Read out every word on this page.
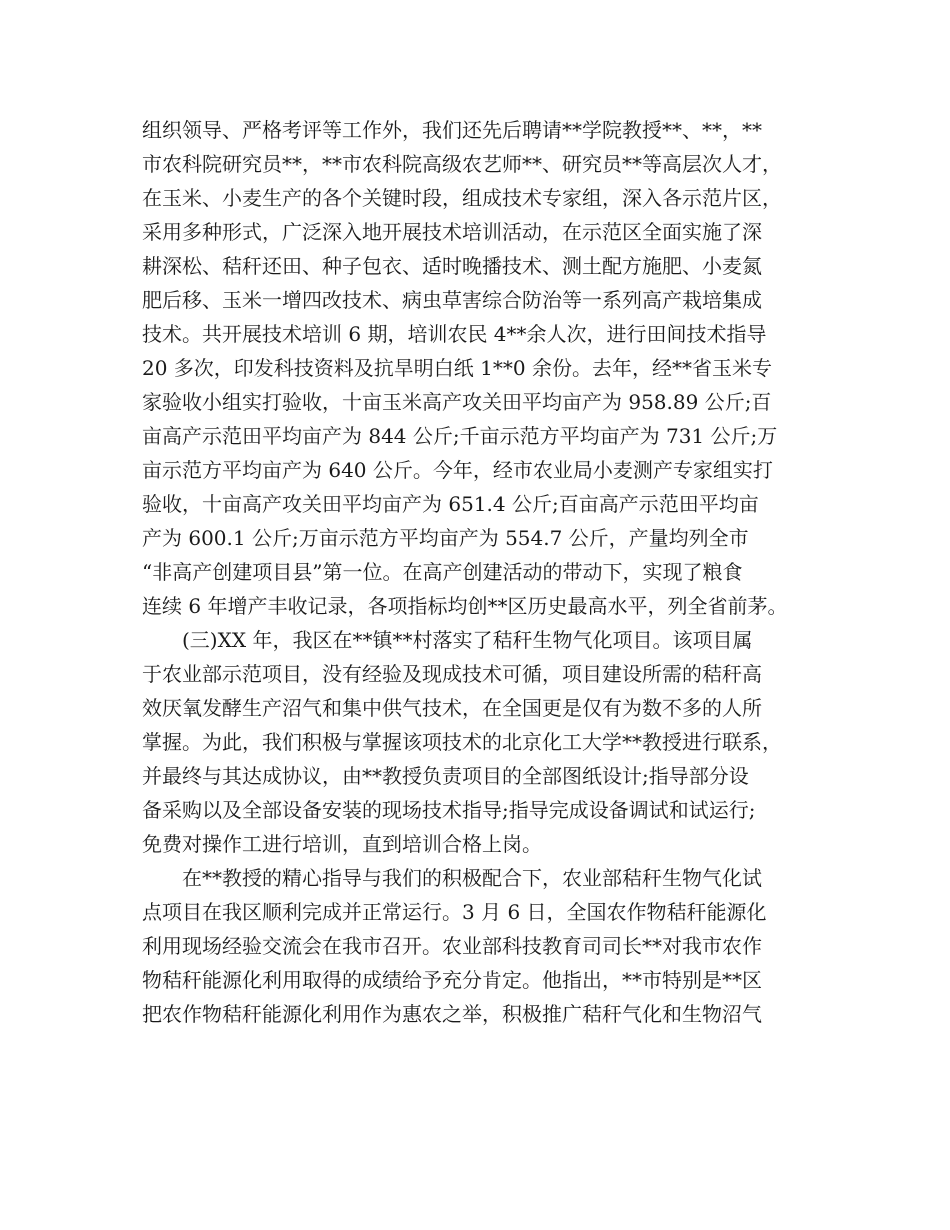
组织领导、严格考评等工作外，我们还先后聘请**学院教授**、**，**
市农科院研究员**，**市农科院高级农艺师**、研究员**等高层次人才，
在玉米、小麦生产的各个关键时段，组成技术专家组，深入各示范片区，
采用多种形式，广泛深入地开展技术培训活动，在示范区全面实施了深
耕深松、秸秆还田、种子包衣、适时晚播技术、测土配方施肥、小麦氮
肥后移、玉米一增四改技术、病虫草害综合防治等一系列高产栽培集成
技术。共开展技术培训 6 期，培训农民 4**余人次，进行田间技术指导
20 多次，印发科技资料及抗旱明白纸 1**0 余份。去年，经**省玉米专
家验收小组实打验收，十亩玉米高产攻关田平均亩产为 958.89 公斤;百
亩高产示范田平均亩产为 844 公斤;千亩示范方平均亩产为 731 公斤;万
亩示范方平均亩产为 640 公斤。今年，经市农业局小麦测产专家组实打
验收，十亩高产攻关田平均亩产为 651.4 公斤;百亩高产示范田平均亩
产为 600.1 公斤;万亩示范方平均亩产为 554.7 公斤，产量均列全市
“非高产创建项目县”第一位。在高产创建活动的带动下，实现了粮食
连续 6 年增产丰收记录，各项指标均创**区历史最高水平，列全省前茅。
(三)XX 年，我区在**镇**村落实了秸秆生物气化项目。该项目属
于农业部示范项目，没有经验及现成技术可循，项目建设所需的秸秆高
效厌氧发酵生产沼气和集中供气技术，在全国更是仅有为数不多的人所
掌握。为此，我们积极与掌握该项技术的北京化工大学**教授进行联系，
并最终与其达成协议，由**教授负责项目的全部图纸设计;指导部分设
备采购以及全部设备安装的现场技术指导;指导完成设备调试和试运行;
免费对操作工进行培训，直到培训合格上岗。
在**教授的精心指导与我们的积极配合下，农业部秸秆生物气化试
点项目在我区顺利完成并正常运行。3 月 6 日，全国农作物秸秆能源化
利用现场经验交流会在我市召开。农业部科技教育司司长**对我市农作
物秸秆能源化利用取得的成绩给予充分肯定。他指出，**市特别是**区
把农作物秸秆能源化利用作为惠农之举，积极推广秸秆气化和生物沼气
